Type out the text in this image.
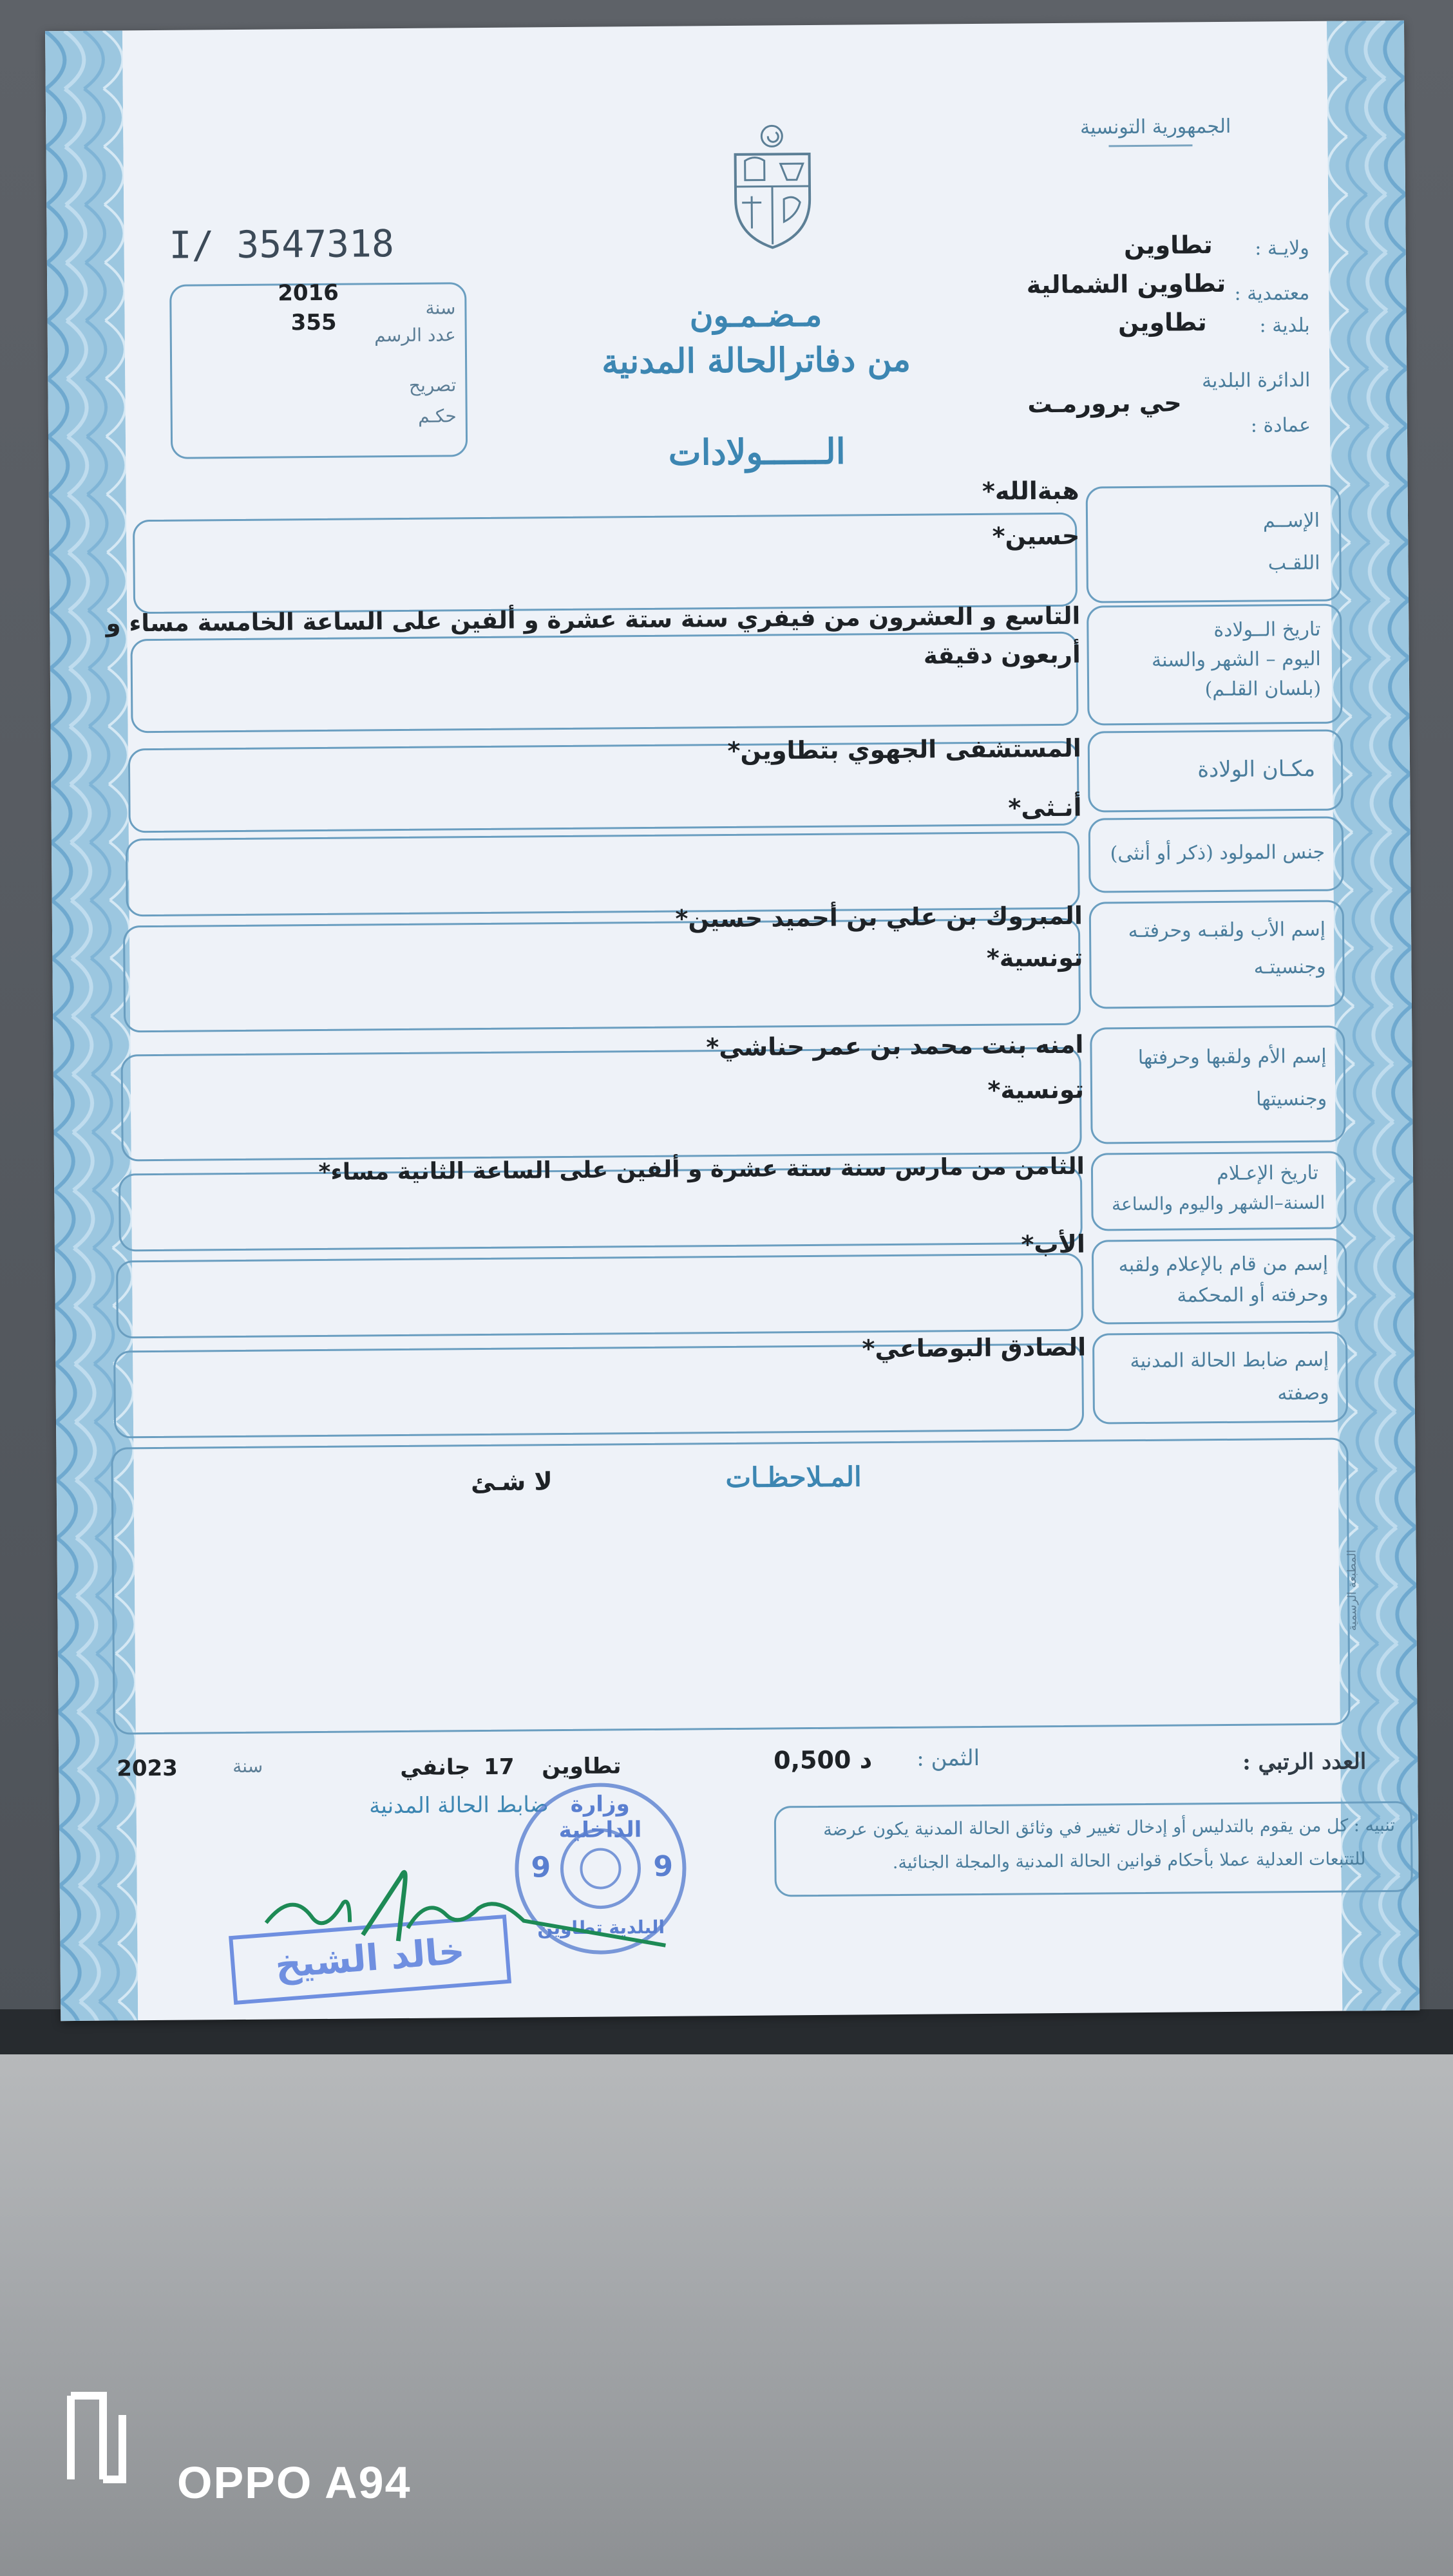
الجمهورية التونسية
ولايـة :
تطاوين
معتمدية :
تطاوين الشمالية
بلدية :
تطاوين
الدائرة البلدية
عمادة :
حي برورمـت
I/ 3547318
سنة
2016
عدد الرسم
355
تصريح
حكـم
مـضـمـون
من دفاترالحالة المدنية
الــــــولادات
الإســم
اللقـب
هبةالله*
حسين*
تاريخ الــولادة
اليوم – الشهر والسنة
(بلسان القلـم)
التاسع و العشرون من فيفري سنة ستة عشرة و ألفين على الساعة الخامسة مساء و
أربعون دقيقة
مكـان الولادة
المستشفى الجهوي بتطاوين*
جنس المولود (ذكر أو أنثى)
أنـثى*
إسم الأب ولقبـه وحرفتـه
وجنسيتـه
المبروك بن علي بن أحميد حسين*
تونسية*
إسم الأم ولقبها وحرفتها
وجنسيتها
امنه بنت محمد بن عمر حناشي*
تونسية*
تاريخ الإعـلام
السنة–الشهر واليوم والساعة
الثامن من مارس سنة ستة عشرة و ألفين على الساعة الثانية مساء*
إسم من قام بالإعلام ولقبه
وحرفته أو المحكمة
الأب*
إسم ضابط الحالة المدنية
وصفته
الصادق البوصاعي*
المـلاحظـات
لا شـئ
العدد الرتبي :
الثمن :
0,500 د
تطاوين
17
جانفي
سنة
2023
ضابط الحالة المدنية
تنبيه : كل من يقوم بالتدليس أو إدخال تغيير في وثائق الحالة المدنية يكون عرضة
للتتبعات العدلية عملا بأحكام قوانين الحالة المدنية والمجلة الجنائية.
وزارة الداخلية
9	9
البلدية تطاوين
خالد الشيخ
OPPO A94
